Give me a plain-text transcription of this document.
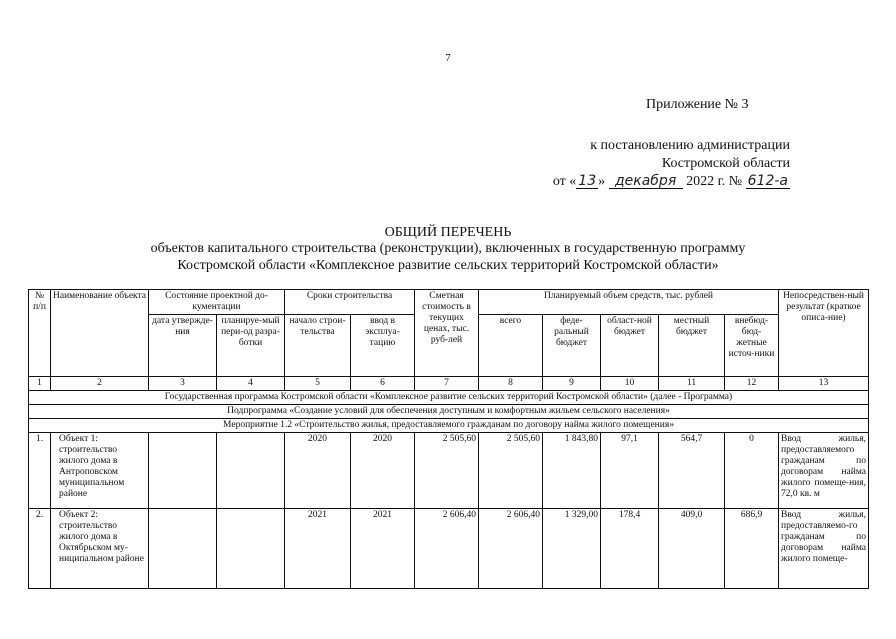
7
Приложение № 3
к постановлению администрации
Костромской области
от « 13 » декабря 2022 г. № 612-а
ОБЩИЙ ПЕРЕЧЕНЬ
объектов капитального строительства (реконструкции), включенных в государственную программу
Костромской области «Комплексное развитие сельских территорий Костромской области»
№ п/п	Наименование объекта	Состояние проектной до-кументации		Сроки строительства		Сметная стоимость в текущих ценах, тыс. руб-лей	Планируемый объем средств, тыс. рублей					Непосредствен-ный результат (краткое описа-ние)
		дата утвержде-ния	планируе-мый пери-од разра-ботки	начало строи-тельства	ввод в эксплуа-тацию		всего	феде-ральный бюджет	област-ной бюджет	местный бюджет	внебюд-бюд-жетные источ-ники	
1	2	3	4	5	6	7	8	9	10	11	12	13
Государственная программа Костромской области «Комплексное развитие сельских территорий Костромской области» (далее - Программа)												
Подпрограмма «Создание условий для обеспечения доступным и комфортным жильем сельского населения»												
Мероприятие 1.2 «Строительство жилья, предоставляемого гражданам по договору найма жилого помещения»												
1.	Объект 1: строительство жилого дома в Антроповском муниципальном районе			2020	2020	2 505,60	2 505,60	1 843,80	97,1	564,7	0	Ввод жилья, предоставляемого гражданам по договорам найма жилого помеще-ния, 72,0 кв. м
2.	Объект 2: строительство жилого дома в Октябрьском му-ниципальном районе			2021	2021	2 606,40	2 606,40	1 329,00	178,4	409,0	686,9	Ввод жилья, предоставляемо-го гражданам по договорам найма жилого помеще-
